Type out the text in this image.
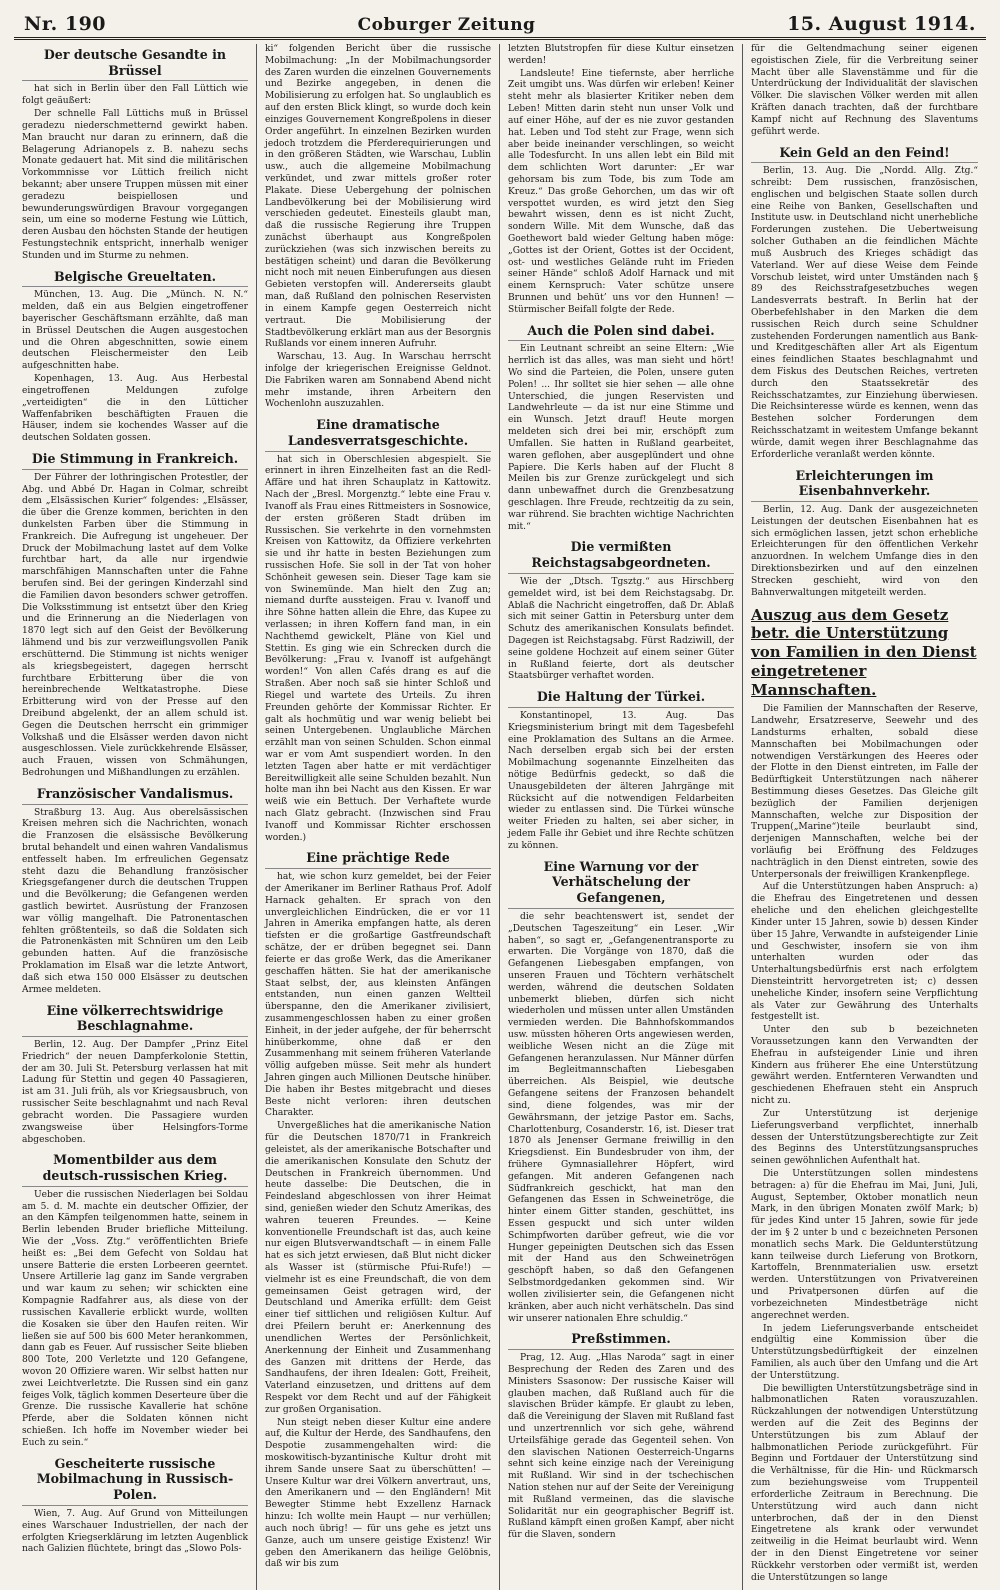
Nr. 190	Coburger Zeitung	15. August 1914.
Der deutsche Gesandte in Brüssel

hat sich in Berlin über den Fall Lüttich wie folgt geäußert:

Der schnelle Fall Lüttichs muß in Brüssel geradezu niederschmetternd gewirkt haben. Man braucht nur daran zu erinnern, daß die Belagerung Adrianopels z. B. nahezu sechs Monate gedauert hat. Mit sind die militärischen Vorkommnisse vor Lüttich freilich nicht bekannt; aber unsere Truppen müssen mit einer geradezu beispiellosen und bewunderungswürdigen Bravour vorgegangen sein, um eine so moderne Festung wie Lüttich, deren Ausbau den höchsten Stande der heutigen Festungstechnik entspricht, innerhalb weniger Stunden und im Sturme zu nehmen.

Belgische Greueltaten.

München, 13. Aug. Die „Münch. N. N.“ melden, daß ein aus Belgien eingetroffener bayerischer Geschäftsmann erzählte, daß man in Brüssel Deutschen die Augen ausgestochen und die Ohren abgeschnitten, sowie einem deutschen Fleischermeister den Leib aufgeschnitten habe.

Kopenhagen, 13. Aug. Aus Herbestal eingetroffenen Meldungen zufolge „verteidigten“ die in den Lütticher Waffenfabriken beschäftigten Frauen die Häuser, indem sie kochendes Wasser auf die deutschen Soldaten gossen.

Die Stimmung in Frankreich.

Der Führer der lothringischen Protestler, der Abg. und Abbé Dr. Hagan in Colmar, schreibt dem „Elsässischen Kurier“ folgendes: „Elsässer, die über die Grenze kommen, berichten in den dunkelsten Farben über die Stimmung in Frankreich. Die Aufregung ist ungeheuer. Der Druck der Mobilmachung lastet auf dem Volke furchtbar hart, da alle nur irgendwie marschfähigen Mannschaften unter die Fahne berufen sind. Bei der geringen Kinderzahl sind die Familien davon besonders schwer getroffen. Die Volksstimmung ist entsetzt über den Krieg und die Erinnerung an die Niederlagen von 1870 legt sich auf den Geist der Bevölkerung lähmend und bis zur verzweiflungsvollen Panik erschütternd. Die Stimmung ist nichts weniger als kriegsbegeistert, dagegen herrscht furchtbare Erbitterung über die von hereinbrechende Weltkatastrophe. Diese Erbitterung wird von der Presse auf den Dreibund abgelenkt, der an allem schuld ist. Gegen die Deutschen herrscht ein grimmiger Volkshaß und die Elsässer werden davon nicht ausgeschlossen. Viele zurückkehrende Elsässer, auch Frauen, wissen von Schmähungen, Bedrohungen und Mißhandlungen zu erzählen.

Französischer Vandalismus.

Straßburg 13. Aug. Aus oberelsässischen Kreisen mehren sich die Nachrichten, wonach die Franzosen die elsässische Bevölkerung brutal behandelt und einen wahren Vandalismus entfesselt haben. Im erfreulichen Gegensatz steht dazu die Behandlung französischer Kriegsgefangener durch die deutschen Truppen und die Bevölkerung; die Gefangenen werden gastlich bewirtet. Ausrüstung der Franzosen war völlig mangelhaft. Die Patronentaschen fehlten größtenteils, so daß die Soldaten sich die Patronenkästen mit Schnüren um den Leib gebunden hatten. Auf die französische Proklamation im Elsaß war die letzte Antwort, daß sich etwa 150 000 Elsässer zu deutschen Armee meldeten.

Eine völkerrechtswidrige Beschlagnahme.

Berlin, 12. Aug. Der Dampfer „Prinz Eitel Friedrich“ der neuen Dampferkolonie Stettin, der am 30. Juli St. Petersburg verlassen hat mit Ladung für Stettin und gegen 40 Passagieren, ist am 31. Juli früh, als vor Kriegsausbruch, von russischer Seite beschlagnahmt und nach Reval gebracht worden. Die Passagiere wurden zwangsweise über Helsingfors-Torme abgeschoben.

Momentbilder aus dem deutsch-russischen Krieg.

Ueber die russischen Niederlagen bei Soldau am 5. d. M. machte ein deutscher Offizier, der an den Kämpfen teilgenommen hatte, seinem in Berlin lebenden Bruder briefliche Mitteilung. Wie der „Voss. Ztg.“ veröffentlichten Briefe heißt es: „Bei dem Gefecht von Soldau hat unsere Batterie die ersten Lorbeeren geerntet. Unsere Artillerie lag ganz im Sande vergraben und war kaum zu sehen; wir schickten eine Kompagnie Radfahrer aus, als diese von der russischen Kavallerie erblickt wurde, wollten die Kosaken sie über den Haufen reiten. Wir ließen sie auf 500 bis 600 Meter herankommen, dann gab es Feuer. Auf russischer Seite blieben 800 Tote, 200 Verletzte und 120 Gefangene, wovon 20 Offiziere waren. Wir selbst hatten nur zwei Leichtverletzte. Die Russen sind ein ganz feiges Volk, täglich kommen Deserteure über die Grenze. Die russische Kavallerie hat schöne Pferde, aber die Soldaten können nicht schießen. Ich hoffe im November wieder bei Euch zu sein.“

Gescheiterte russische Mobilmachung in Russisch-Polen.

Wien, 7. Aug. Auf Grund von Mitteilungen eines Warschauer Industriellen, der nach der erfolgten Kriegserklärung im letzten Augenblick nach Galizien flüchtete, bringt das „Slowo Pols-

ki“ folgenden Bericht über die russische Mobilmachung: „In der Mobilmachungsorder des Zaren wurden die einzelnen Gouvernements und Bezirke angegeben, in denen die Mobilisierung zu erfolgen hat. So unglaublich es auf den ersten Blick klingt, so wurde doch kein einziges Gouvernement Kongreßpolens in dieser Order angeführt. In einzelnen Bezirken wurden jedoch trotzdem die Pferderequirierungen und in den größeren Städten, wie Warschau, Lublin usw., auch die allgemeine Mobilmachung verkündet, und zwar mittels großer roter Plakate. Diese Uebergehung der polnischen Landbevölkerung bei der Mobilisierung wird verschieden gedeutet. Einesteils glaubt man, daß die russische Regierung ihre Truppen zunächst überhaupt aus Kongreßpolen zurückziehen (was sich inzwischen bereits zu bestätigen scheint) und daran die Bevölkerung nicht noch mit neuen Einberufungen aus diesen Gebieten verstopfen will. Andererseits glaubt man, daß Rußland den polnischen Reservisten in einem Kampfe gegen Oesterreich nicht vertraut. Die Mobilisierung der Stadtbevölkerung erklärt man aus der Besorgnis Rußlands vor einem inneren Aufruhr.

Warschau, 13. Aug. In Warschau herrscht infolge der kriegerischen Ereignisse Geldnot. Die Fabriken waren am Sonnabend Abend nicht mehr imstande, ihren Arbeitern den Wochenlohn auszuzahlen.

Eine dramatische Landesverratsgeschichte.

hat sich in Oberschlesien abgespielt. Sie erinnert in ihren Einzelheiten fast an die Redl-Affäre und hat ihren Schauplatz in Kattowitz. Nach der „Bresl. Morgenztg.“ lebte eine Frau v. Ivanoff als Frau eines Rittmeisters in Sosnowice, der ersten größeren Stadt drüben im Russischen. Sie verkehrte in den vornehmsten Kreisen von Kattowitz, da Offiziere verkehrten sie und ihr hatte in besten Beziehungen zum russischen Hofe. Sie soll in der Tat von hoher Schönheit gewesen sein. Dieser Tage kam sie von Swinemünde. Man hielt den Zug an; niemand durfte aussteigen. Frau v. Ivanoff und ihre Söhne hatten allein die Ehre, das Kupee zu verlassen; in ihren Koffern fand man, in ein Nachthemd gewickelt, Pläne von Kiel und Stettin. Es ging wie ein Schrecken durch die Bevölkerung: „Frau v. Ivanoff ist aufgehängt worden!“ Von allen Cafés drang es auf die Straßen. Aber noch saß sie hinter Schloß und Riegel und wartete des Urteils. Zu ihren Freunden gehörte der Kommissar Richter. Er galt als hochmütig und war wenig beliebt bei seinen Untergebenen. Unglaubliche Märchen erzählt man von seinen Schulden. Schon einmal war er vom Amt suspendiert worden. In den letzten Tagen aber hatte er mit verdächtiger Bereitwilligkeit alle seine Schulden bezahlt. Nun holte man ihn bei Nacht aus den Kissen. Er war weiß wie ein Bettuch. Der Verhaftete wurde nach Glatz gebracht. (Inzwischen sind Frau Ivanoff und Kommissar Richter erschossen worden.)

Eine prächtige Rede

hat, wie schon kurz gemeldet, bei der Feier der Amerikaner im Berliner Rathaus Prof. Adolf Harnack gehalten. Er sprach von den unvergleichlichen Eindrücken, die er vor 11 Jahren in Amerika empfangen hatte, als deren tiefsten er die großartige Gastfreundschaft schätze, der er drüben begegnet sei. Dann feierte er das große Werk, das die Amerikaner geschaffen hätten. Sie hat der amerikanische Staat selbst, der, aus kleinsten Anfängen entstanden, nun einen ganzen Weltteil überspanne, den die Amerikaner zivilisiert, zusammengeschlossen haben zu einer großen Einheit, in der jeder aufgehe, der für beherrscht hinüberkomme, ohne daß er den Zusammenhang mit seinem früheren Vaterlande völlig aufgeben müsse. Seit mehr als hundert Jahren gingen auch Millionen Deutsche hinüber. Die haben ihr Bestes mitgebracht und dieses Beste nicht verloren: ihren deutschen Charakter.

Unvergeßliches hat die amerikanische Nation für die Deutschen 1870/71 in Frankreich geleistet, als der amerikanische Botschafter und die amerikanischen Konsulate den Schutz der Deutschen in Frankreich übernommen. Und heute dasselbe: Die Deutschen, die in Feindesland abgeschlossen von ihrer Heimat sind, genießen wieder den Schutz Amerikas, des wahren teueren Freundes. — Keine konventionelle Freundschaft ist das, auch keine nur eigen Blutsverwandtschaft — in einem Falle hat es sich jetzt erwiesen, daß Blut nicht dicker als Wasser ist (stürmische Pfui-Rufe!) — vielmehr ist es eine Freundschaft, die von dem gemeinsamen Geist getragen wird, der Deutschland und Amerika erfüllt: dem Geist einer tief sittlichen und religiösen Kultur. Auf drei Pfeilern beruht er: Anerkennung des unendlichen Wertes der Persönlichkeit, Anerkennung der Einheit und Zusammenhang des Ganzen mit drittens der Herde, das Sandhaufens, der ihren Idealen: Gott, Freiheit, Vaterland einzusetzen, und drittens auf dem Respekt vor dem Recht und auf der Fähigkeit zur großen Organisation.

Nun steigt neben dieser Kultur eine andere auf, die Kultur der Herde, des Sandhaufens, den Despotie zusammengehalten wird: die moskowitisch-byzantinische Kultur droht mit ihrem Sande unsere Saat zu überschütten! — Unsere Kultur war drei Völkern anvertraut, uns, den Amerikanern und — den Engländern! Mit Bewegter Stimme hebt Exzellenz Harnack hinzu: Ich wollte mein Haupt — nur verhüllen; auch noch übrig! — für uns gehe es jetzt uns Ganze, auch um unsere geistige Existenz! Wir geben den Amerikanern das heilige Gelöbnis, daß wir bis zum

letzten Blutstropfen für diese Kultur einsetzen werden!

Landsleute! Eine tiefernste, aber herrliche Zeit umgibt uns. Was dürfen wir erleben! Keiner steht mehr als blasierter Kritiker neben dem Leben! Mitten darin steht nun unser Volk und auf einer Höhe, auf der es nie zuvor gestanden hat. Leben und Tod steht zur Frage, wenn sich aber beide ineinander verschlingen, so weicht alle Todesfurcht. In uns allen lebt ein Bild mit dem schlichten Wort darunter: „Er war gehorsam bis zum Tode, bis zum Tode am Kreuz.“ Das große Gehorchen, um das wir oft verspottet wurden, es wird jetzt den Sieg bewahrt wissen, denn es ist nicht Zucht, sondern Wille. Mit dem Wunsche, daß das Goethewort bald wieder Geltung haben möge: „Gottes ist der Orient, Gottes ist der Occident, ost- und westliches Gelände ruht im Frieden seiner Hände“ schloß Adolf Harnack und mit einem Kernspruch: Vater schütze unsere Brunnen und behüt’ uns vor den Hunnen! — Stürmischer Beifall folgte der Rede.

Auch die Polen sind dabei.

Ein Leutnant schreibt an seine Eltern: „Wie herrlich ist das alles, was man sieht und hört! Wo sind die Parteien, die Polen, unsere guten Polen! ... Ihr solltet sie hier sehen — alle ohne Unterschied, die jungen Reservisten und Landwehrleute — da ist nur eine Stimme und ein Wunsch. Jetzt drauf! Heute morgen meldeten sich drei bei mir, erschöpft zum Umfallen. Sie hatten in Rußland gearbeitet, waren geflohen, aber ausgeplündert und ohne Papiere. Die Kerls haben auf der Flucht 8 Meilen bis zur Grenze zurückgelegt und sich dann unbewaffnet durch die Grenzbesatzung geschlagen. Ihre Freude, rechtzeitig da zu sein, war rührend. Sie brachten wichtige Nachrichten mit.“

Die vermißten Reichstagsabgeordneten.

Wie der „Dtsch. Tgsztg.“ aus Hirschberg gemeldet wird, ist bei dem Reichstagsabg. Dr. Ablaß die Nachricht eingetroffen, daß Dr. Ablaß sich mit seiner Gattin in Petersburg unter dem Schutz des amerikanischen Konsulats befindet. Dagegen ist Reichstagsabg. Fürst Radziwill, der seine goldene Hochzeit auf einem seiner Güter in Rußland feierte, dort als deutscher Staatsbürger verhaftet worden.

Die Haltung der Türkei.

Konstantinopel, 13. Aug. Das Kriegsministerium bringt mit dem Tagesbefehl eine Proklamation des Sultans an die Armee. Nach derselben ergab sich bei der ersten Mobilmachung sogenannte Einzelheiten das nötige Bedürfnis gedeckt, so daß die Unausgebildeten der älteren Jahrgänge mit Rücksicht auf die notwendigen Feldarbeiten wieder zu entlassen sind. Die Türkei wünsche weiter Frieden zu halten, sei aber sicher, in jedem Falle ihr Gebiet und ihre Rechte schützen zu können.

Eine Warnung vor der Verhätschelung der Gefangenen,

die sehr beachtenswert ist, sendet der „Deutschen Tageszeitung“ ein Leser. „Wir haben“, so sagt er, „Gefangenentransporte zu erwarten. Die Vorgänge von 1870, daß die Gefangenen Liebesgaben empfangen, von unseren Frauen und Töchtern verhätschelt werden, während die deutschen Soldaten unbemerkt blieben, dürfen sich nicht wiederholen und müssen unter allen Umständen vermieden werden. Die Bahnhofskommandos usw. müssten höheren Orts angewiesen werden, weibliche Wesen nicht an die Züge mit Gefangenen heranzulassen. Nur Männer dürfen im Begleitmannschaften Liebesgaben überreichen. Als Beispiel, wie deutsche Gefangene seitens der Franzosen behandelt sind, diene folgendes, was mir der Gewährsmann, der jetzige Pastor em. Sachs, Charlottenburg, Cosanderstr. 16, ist. Dieser trat 1870 als Jenenser Germane freiwillig in den Kriegsdienst. Ein Bundesbruder von ihm, der frühere Gymnasiallehrer Höpfert, wird gefangen. Mit anderen Gefangenen nach Südfrankreich geschickt, hat man den Gefangenen das Essen in Schweinetröge, die hinter einem Gitter standen, geschüttet, ins Essen gespuckt und sich unter wilden Schimpfworten darüber gefreut, wie die vor Hunger gepeinigten Deutschen sich das Essen mit der Hand aus den Schweinetrögen geschöpft haben, so daß den Gefangenen Selbstmordgedanken gekommen sind. Wir wollen zivilisierter sein, die Gefangenen nicht kränken, aber auch nicht verhätscheln. Das sind wir unserer nationalen Ehre schuldig.“

Preßstimmen.

Prag, 12. Aug. „Hlas Naroda“ sagt in einer Besprechung der Reden des Zaren und des Ministers Ssasonow: Der russische Kaiser will glauben machen, daß Rußland auch für die slavischen Brüder kämpfe. Er glaubt zu leben, daß die Vereinigung der Slaven mit Rußland fast und unzertrennlich vor sich gehe, während Urteilsfähige gerade das Gegenteil sehen. Von den slavischen Nationen Oesterreich-Ungarns sehnt sich keine einzige nach der Vereinigung mit Rußland. Wir sind in der tschechischen Nation stehen nur auf der Seite der Vereinigung mit Rußland vermeinen, das die slavische Solidarität nur ein geographischer Begriff ist. Rußland kämpft einen großen Kampf, aber nicht für die Slaven, sondern

für die Geltendmachung seiner eigenen egoistischen Ziele, für die Verbreitung seiner Macht über alle Slavenstämme und für die Unterdrückung der Individualität der slavischen Völker. Die slavischen Völker werden mit allen Kräften danach trachten, daß der furchtbare Kampf nicht auf Rechnung des Slaventums geführt werde.

Kein Geld an den Feind!

Berlin, 13. Aug. Die „Nordd. Allg. Ztg.“ schreibt: Dem russischen, französischen, englischen und belgischen Staate sollen durch eine Reihe von Banken, Gesellschaften und Institute usw. in Deutschland nicht unerhebliche Forderungen zustehen. Die Uebertweisung solcher Guthaben an die feindlichen Mächte muß Ausbruch des Krieges schädigt das Vaterland. Wer auf diese Weise dem Feinde Vorschub leistet, wird unter Umständen nach § 89 des Reichsstrafgesetzbuches wegen Landesverrats bestraft. In Berlin hat der Oberbefehlshaber in den Marken die dem russischen Reich durch seine Schuldner zustehenden Forderungen namentlich aus Bank- und Kreditgeschäften aller Art als Eigentum eines feindlichen Staates beschlagnahmt und dem Fiskus des Deutschen Reiches, vertreten durch den Staatssekretär des Reichsschatzamtes, zur Einziehung überwiesen. Die Reichsinteresse würde es kennen, wenn das Bestehen solcher Forderungen dem Reichsschatzamt in weitestem Umfange bekannt würde, damit wegen ihrer Beschlagnahme das Erforderliche veranlaßt werden könnte.

Erleichterungen im Eisenbahnverkehr.

Berlin, 12. Aug. Dank der ausgezeichneten Leistungen der deutschen Eisenbahnen hat es sich ermöglichen lassen, jetzt schon erhebliche Erleichterungen für den öffentlichen Verkehr anzuordnen. In welchem Umfange dies in den Direktionsbezirken und auf den einzelnen Strecken geschieht, wird von den Bahnverwaltungen mitgeteilt werden.

Auszug aus dem Gesetz betr. die Unterstützung von Familien in den Dienst eingetretener Mannschaften.

Die Familien der Mannschaften der Reserve, Landwehr, Ersatzreserve, Seewehr und des Landsturms erhalten, sobald diese Mannschaften bei Mobilmachungen oder notwendigen Verstärkungen des Heeres oder der Flotte in den Dienst eintreten, im Falle der Bedürftigkeit Unterstützungen nach näherer Bestimmung dieses Gesetzes. Das Gleiche gilt bezüglich der Familien derjenigen Mannschaften, welche zur Disposition der Truppen(„Marine“)teile beurlaubt sind, derjenigen Mannschaften, welche bei der vorläufig bei Eröffnung des Feldzuges nachträglich in den Dienst eintreten, sowie des Unterpersonals der freiwilligen Krankenpflege.

Auf die Unterstützungen haben Anspruch: a) die Ehefrau des Eingetretenen und dessen eheliche und den ehelichen gleichgestellte Kinder unter 15 Jahren, sowie b) dessen Kinder über 15 Jahre, Verwandte in aufsteigender Linie und Geschwister, insofern sie von ihm unterhalten wurden oder das Unterhaltungsbedürfnis erst nach erfolgtem Diensteintritt hervorgetreten ist; c) dessen uneheliche Kinder, insofern seine Verpflichtung als Vater zur Gewährung des Unterhalts festgestellt ist.

Unter den sub b bezeichneten Voraussetzungen kann den Verwandten der Ehefrau in aufsteigender Linie und ihren Kindern aus früherer Ehe eine Unterstützung gewährt werden. Entfernteren Verwandten und geschiedenen Ehefrauen steht ein Anspruch nicht zu.

Zur Unterstützung ist derjenige Lieferungsverband verpflichtet, innerhalb dessen der Unterstützungsberechtigte zur Zeit des Beginns des Unterstützungsanspruches seinen gewöhnlichen Aufenthalt hat.

Die Unterstützungen sollen mindestens betragen: a) für die Ehefrau im Mai, Juni, Juli, August, September, Oktober monatlich neun Mark, in den übrigen Monaten zwölf Mark; b) für jedes Kind unter 15 Jahren, sowie für jede der im § 2 unter b und c bezeichneten Personen monatlich sechs Mark. Die Geldunterstützung kann teilweise durch Lieferung von Brotkorn, Kartoffeln, Brennmaterialien usw. ersetzt werden. Unterstützungen von Privatvereinen und Privatpersonen dürfen auf die vorbezeichneten Mindestbeträge nicht angerechnet werden.

In jedem Lieferungsverbande entscheidet endgültig eine Kommission über die Unterstützungsbedürftigkeit der einzelnen Familien, als auch über den Umfang und die Art der Unterstützung.

Die bewilligten Unterstützungsbeträge sind in halbmonatlichen Raten vorauszuzahlen. Rückzahlungen der notwendigen Unterstützung werden auf die Zeit des Beginns der Unterstützungen bis zum Ablauf der halbmonatlichen Periode zurückgeführt. Für Beginn und Fortdauer der Unterstützung sind die Verhältnisse, für die Hin- und Rückmarsch zum beziehungsweise vom Truppenteil erforderliche Zeitraum in Berechnung. Die Unterstützung wird auch dann nicht unterbrochen, daß der in den Dienst Eingetretene als krank oder verwundet zeitweilig in die Heimat beurlaubt wird. Wenn der in den Dienst Eingetretene vor seiner Rückkehr verstorben oder vermißt ist, werden die Unterstützungen so lange
